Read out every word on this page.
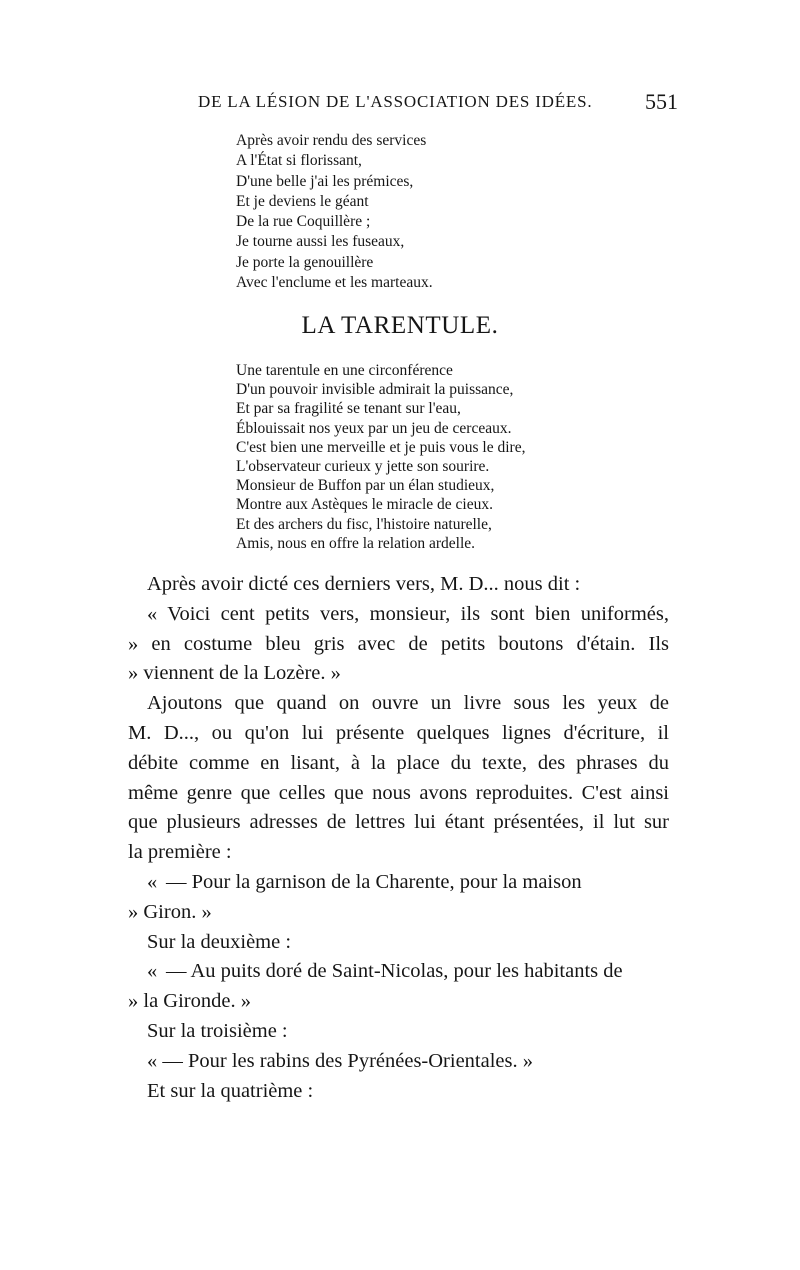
DE LA LÉSION DE L'ASSOCIATION DES IDÉES. 551
Après avoir rendu des services
A l'État si florissant,
D'une belle j'ai les prémices,
Et je deviens le géant
De la rue Coquillère ;
Je tourne aussi les fuseaux,
Je porte la genouillère
Avec l'enclume et les marteaux.
LA TARENTULE.
Une tarentule en une circonférence
D'un pouvoir invisible admirait la puissance,
Et par sa fragilité se tenant sur l'eau,
Éblouissait nos yeux par un jeu de cerceaux.
C'est bien une merveille et je puis vous le dire,
L'observateur curieux y jette son sourire.
Monsieur de Buffon par un élan studieux,
Montre aux Astèques le miracle de cieux.
Et des archers du fisc, l'histoire naturelle,
Amis, nous en offre la relation ardelle.
Après avoir dicté ces derniers vers, M. D... nous dit :
« Voici cent petits vers, monsieur, ils sont bien uniformés,
» en costume bleu gris avec de petits boutons d'étain. Ils
» viennent de la Lozère. »
Ajoutons que quand on ouvre un livre sous les yeux de
M. D..., ou qu'on lui présente quelques lignes d'écriture, il
débite comme en lisant, à la place du texte, des phrases du
même genre que celles que nous avons reproduites. C'est ainsi
que plusieurs adresses de lettres lui étant présentées, il lut sur
la première :
« — Pour la garnison de la Charente, pour la maison
» Giron. »
Sur la deuxième :
« — Au puits doré de Saint-Nicolas, pour les habitants de
» la Gironde. »
Sur la troisième :
« — Pour les rabins des Pyrénées-Orientales. »
Et sur la quatrième :
